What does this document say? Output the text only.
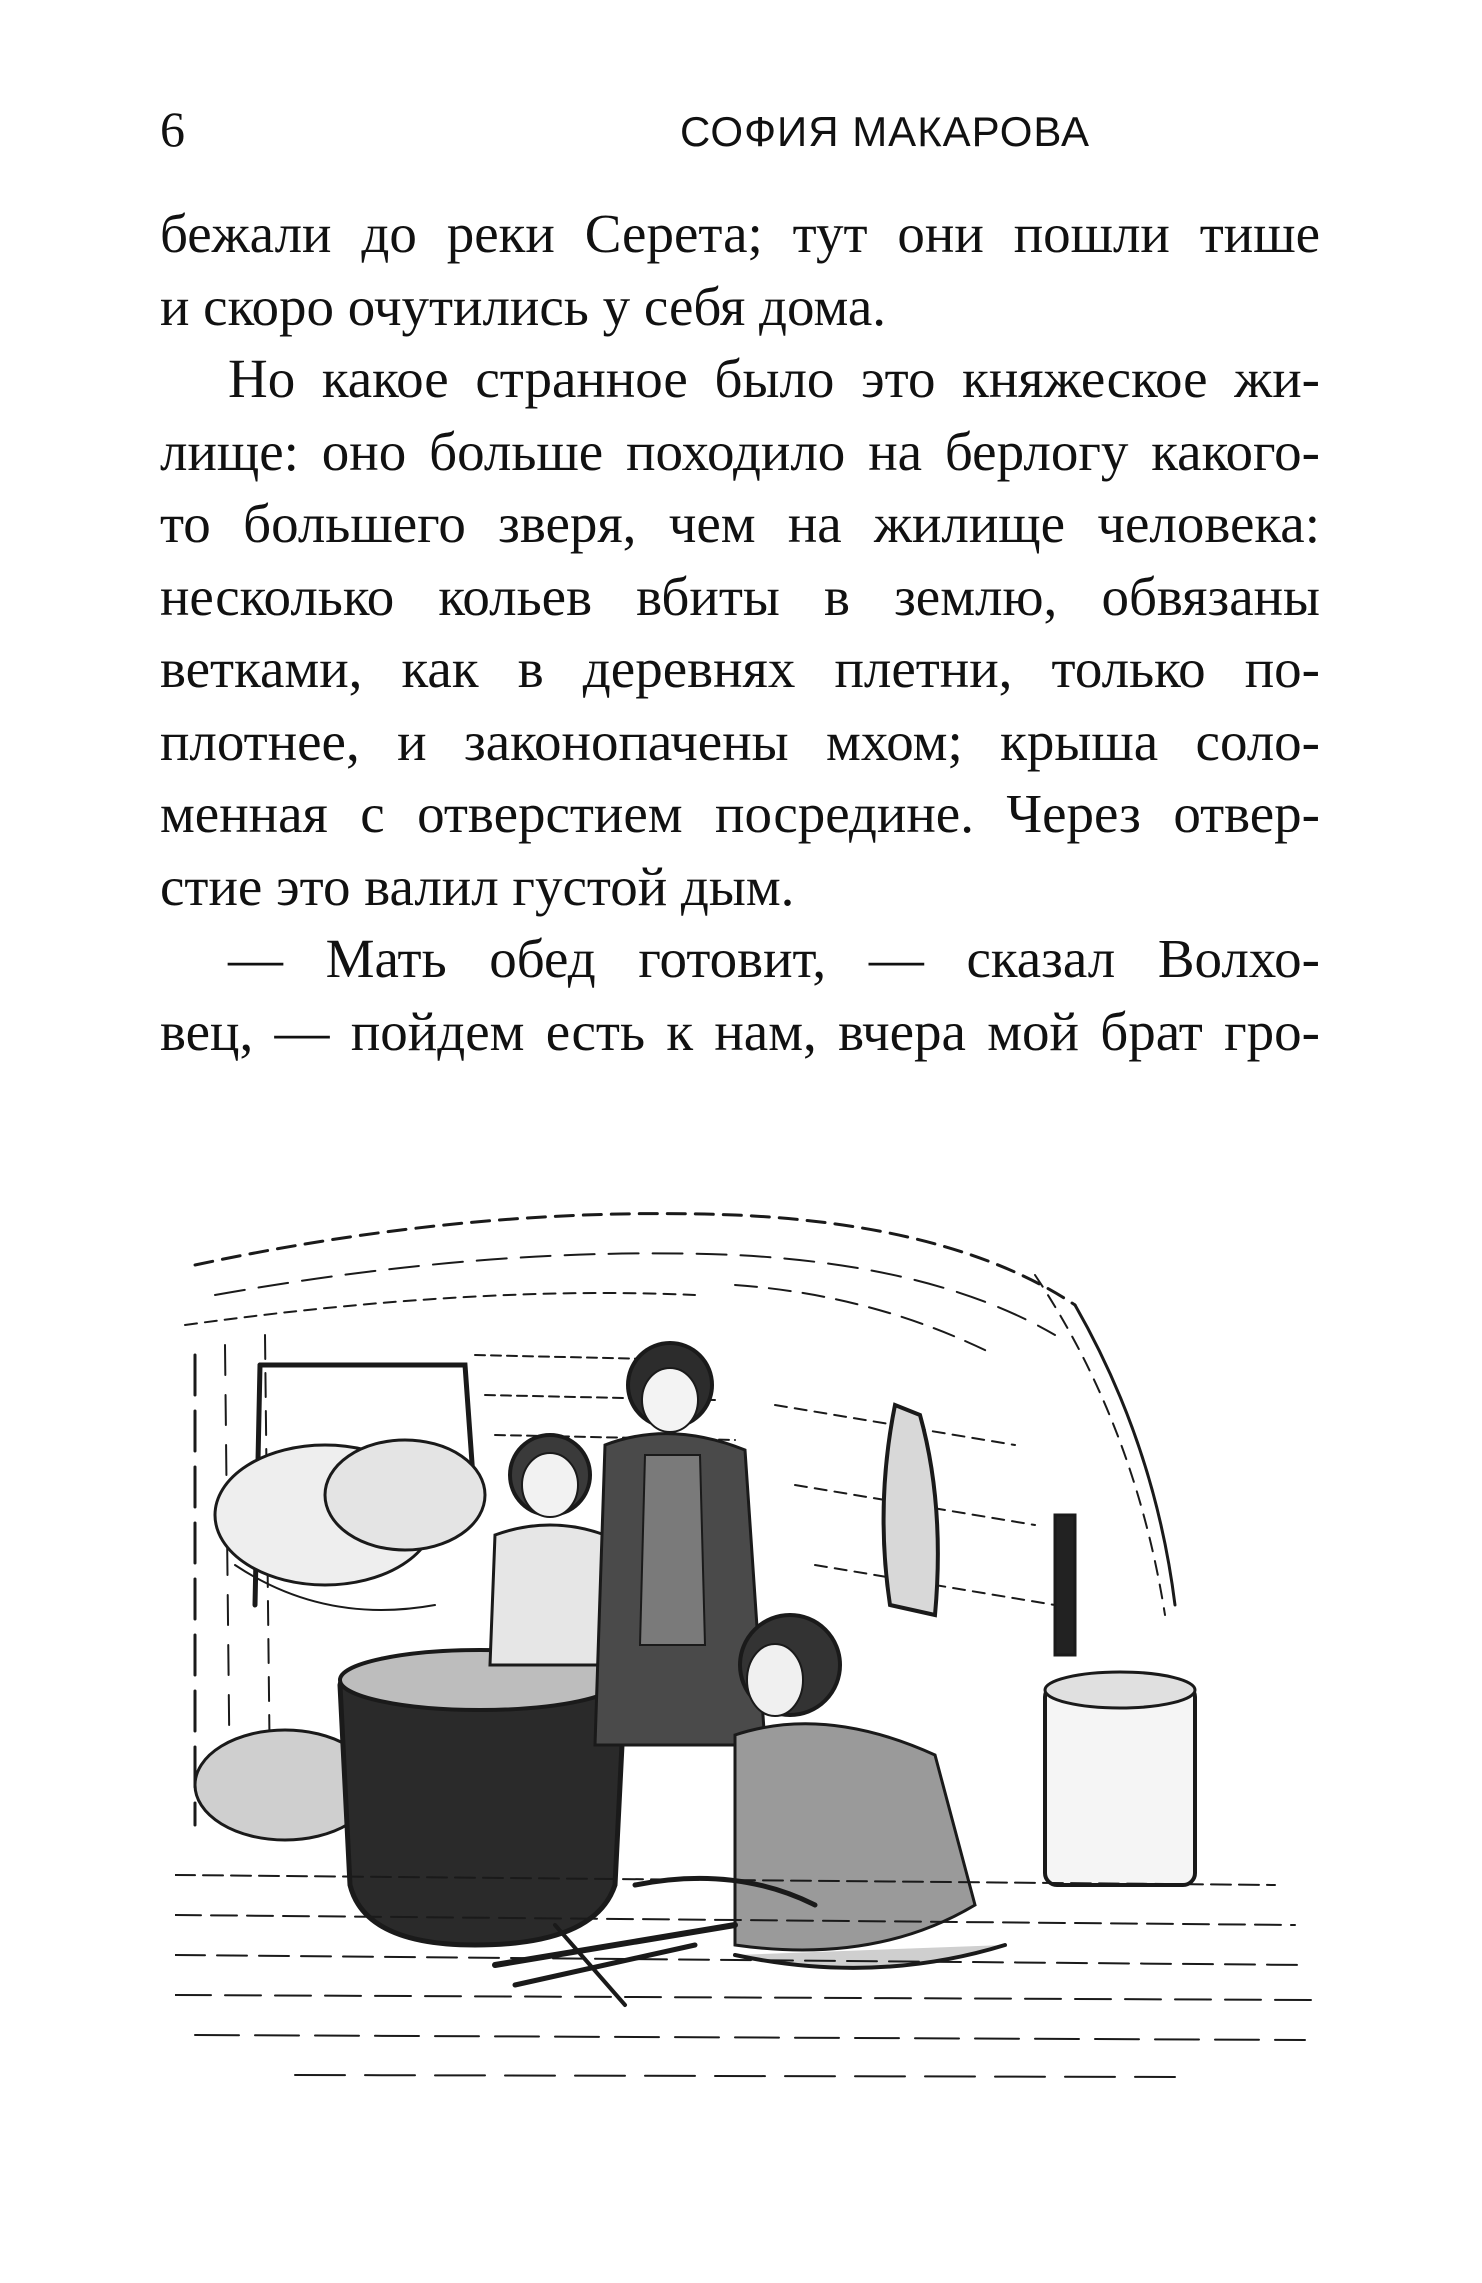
6	СОФИЯ МАКАРОВА
бежали до реки Серета; тут они пошли тише
и скоро очутились у себя дома.
Но какое странное было это княжеское жи-
лище: оно больше походило на берлогу какого-
то большего зверя, чем на жилище человека:
несколько кольев вбиты в землю, обвязаны
ветками, как в деревнях плетни, только по-
плотнее, и законопачены мхом; крыша соло-
менная с отверстием посредине. Через отвер-
стие это валил густой дым.
— Мать обед готовит, — сказал Волхо-
вец, — пойдем есть к нам, вчера мой брат гро-
